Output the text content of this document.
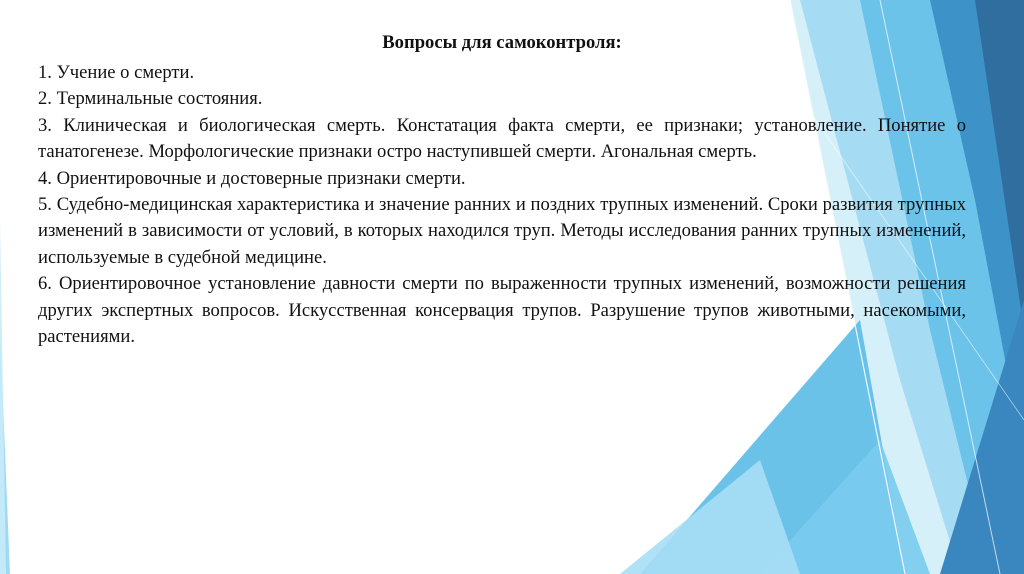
Вопросы для самоконтроля:

1. Учение о смерти.

2. Терминальные состояния.

3. Клиническая и биологическая смерть. Констатация факта смерти, ее признаки; установление. Понятие о танатогенезе. Морфологические признаки остро наступившей смерти. Агональная смерть.

4. Ориентировочные и достоверные признаки смерти.

5. Судебно-медицинская характеристика и значение ранних и поздних трупных изменений. Сроки развития трупных изменений в зависимости от условий, в которых находился труп. Методы исследования ранних трупных изменений, используемые в судебной медицине.

6. Ориентировочное установление давности смерти по выраженности трупных изменений, возможности решения других экспертных вопросов. Искусственная консервация трупов. Разрушение трупов животными, насекомыми, растениями.
